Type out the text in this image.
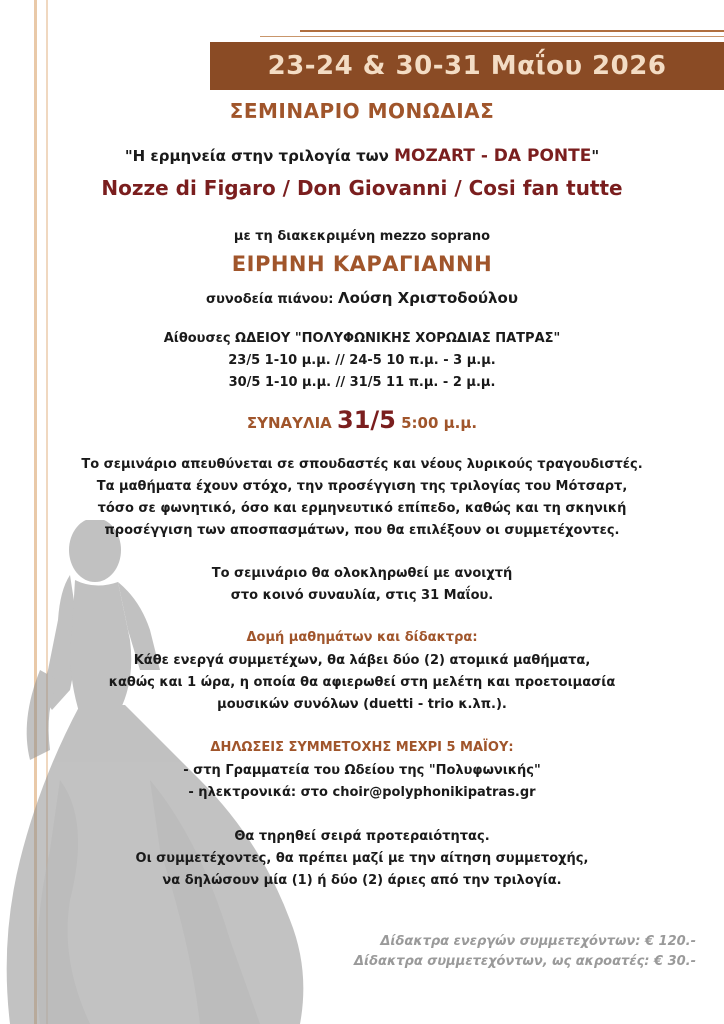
23-24 & 30-31 Μαΐου 2026
ΣΕΜΙΝΑΡΙΟ ΜΟΝΩΔΙΑΣ
"Η ερμηνεία στην τριλογία των MOZART - DA PONTE"
Nozze di Figaro / Don Giovanni / Cosi fan tutte
με τη διακεκριμένη mezzo soprano
ΕΙΡΗΝΗ ΚΑΡΑΓΙΑΝΝΗ
συνοδεία πιάνου: Λούση Χριστοδούλου
Αίθουσες ΩΔΕΙΟΥ "ΠΟΛΥΦΩΝΙΚΗΣ ΧΟΡΩΔΙΑΣ ΠΑΤΡΑΣ"
23/5 1-10 μ.μ. // 24-5 10 π.μ. - 3 μ.μ.
30/5 1-10 μ.μ. // 31/5 11 π.μ. - 2 μ.μ.
ΣΥΝΑΥΛΙΑ 31/5 5:00 μ.μ.
Το σεμινάριο απευθύνεται σε σπουδαστές και νέους λυρικούς τραγουδιστές.
Τα μαθήματα έχουν στόχο, την προσέγγιση της τριλογίας του Μότσαρτ,
τόσο σε φωνητικό, όσο και ερμηνευτικό επίπεδο, καθώς και τη σκηνική
προσέγγιση των αποσπασμάτων, που θα επιλέξουν οι συμμετέχοντες.
Το σεμινάριο θα ολοκληρωθεί με ανοιχτή
στο κοινό συναυλία, στις 31 Μαΐου.
Δομή μαθημάτων και δίδακτρα:
Κάθε ενεργά συμμετέχων, θα λάβει δύο (2) ατομικά μαθήματα,
καθώς και 1 ώρα, η οποία θα αφιερωθεί στη μελέτη και προετοιμασία
μουσικών συνόλων (duetti - trio κ.λπ.).
ΔΗΛΩΣΕΙΣ ΣΥΜΜΕΤΟΧΗΣ ΜΕΧΡΙ 5 ΜΑΪΟΥ:
- στη Γραμματεία του Ωδείου της "Πολυφωνικής"
- ηλεκτρονικά: στο choir@polyphonikipatras.gr
Θα τηρηθεί σειρά προτεραιότητας.
Οι συμμετέχοντες, θα πρέπει μαζί με την αίτηση συμμετοχής,
να δηλώσουν μία (1) ή δύο (2) άριες από την τριλογία.
Δίδακτρα ενεργών συμμετεχόντων: € 120.-
Δίδακτρα συμμετεχόντων, ως ακροατές: € 30.-
